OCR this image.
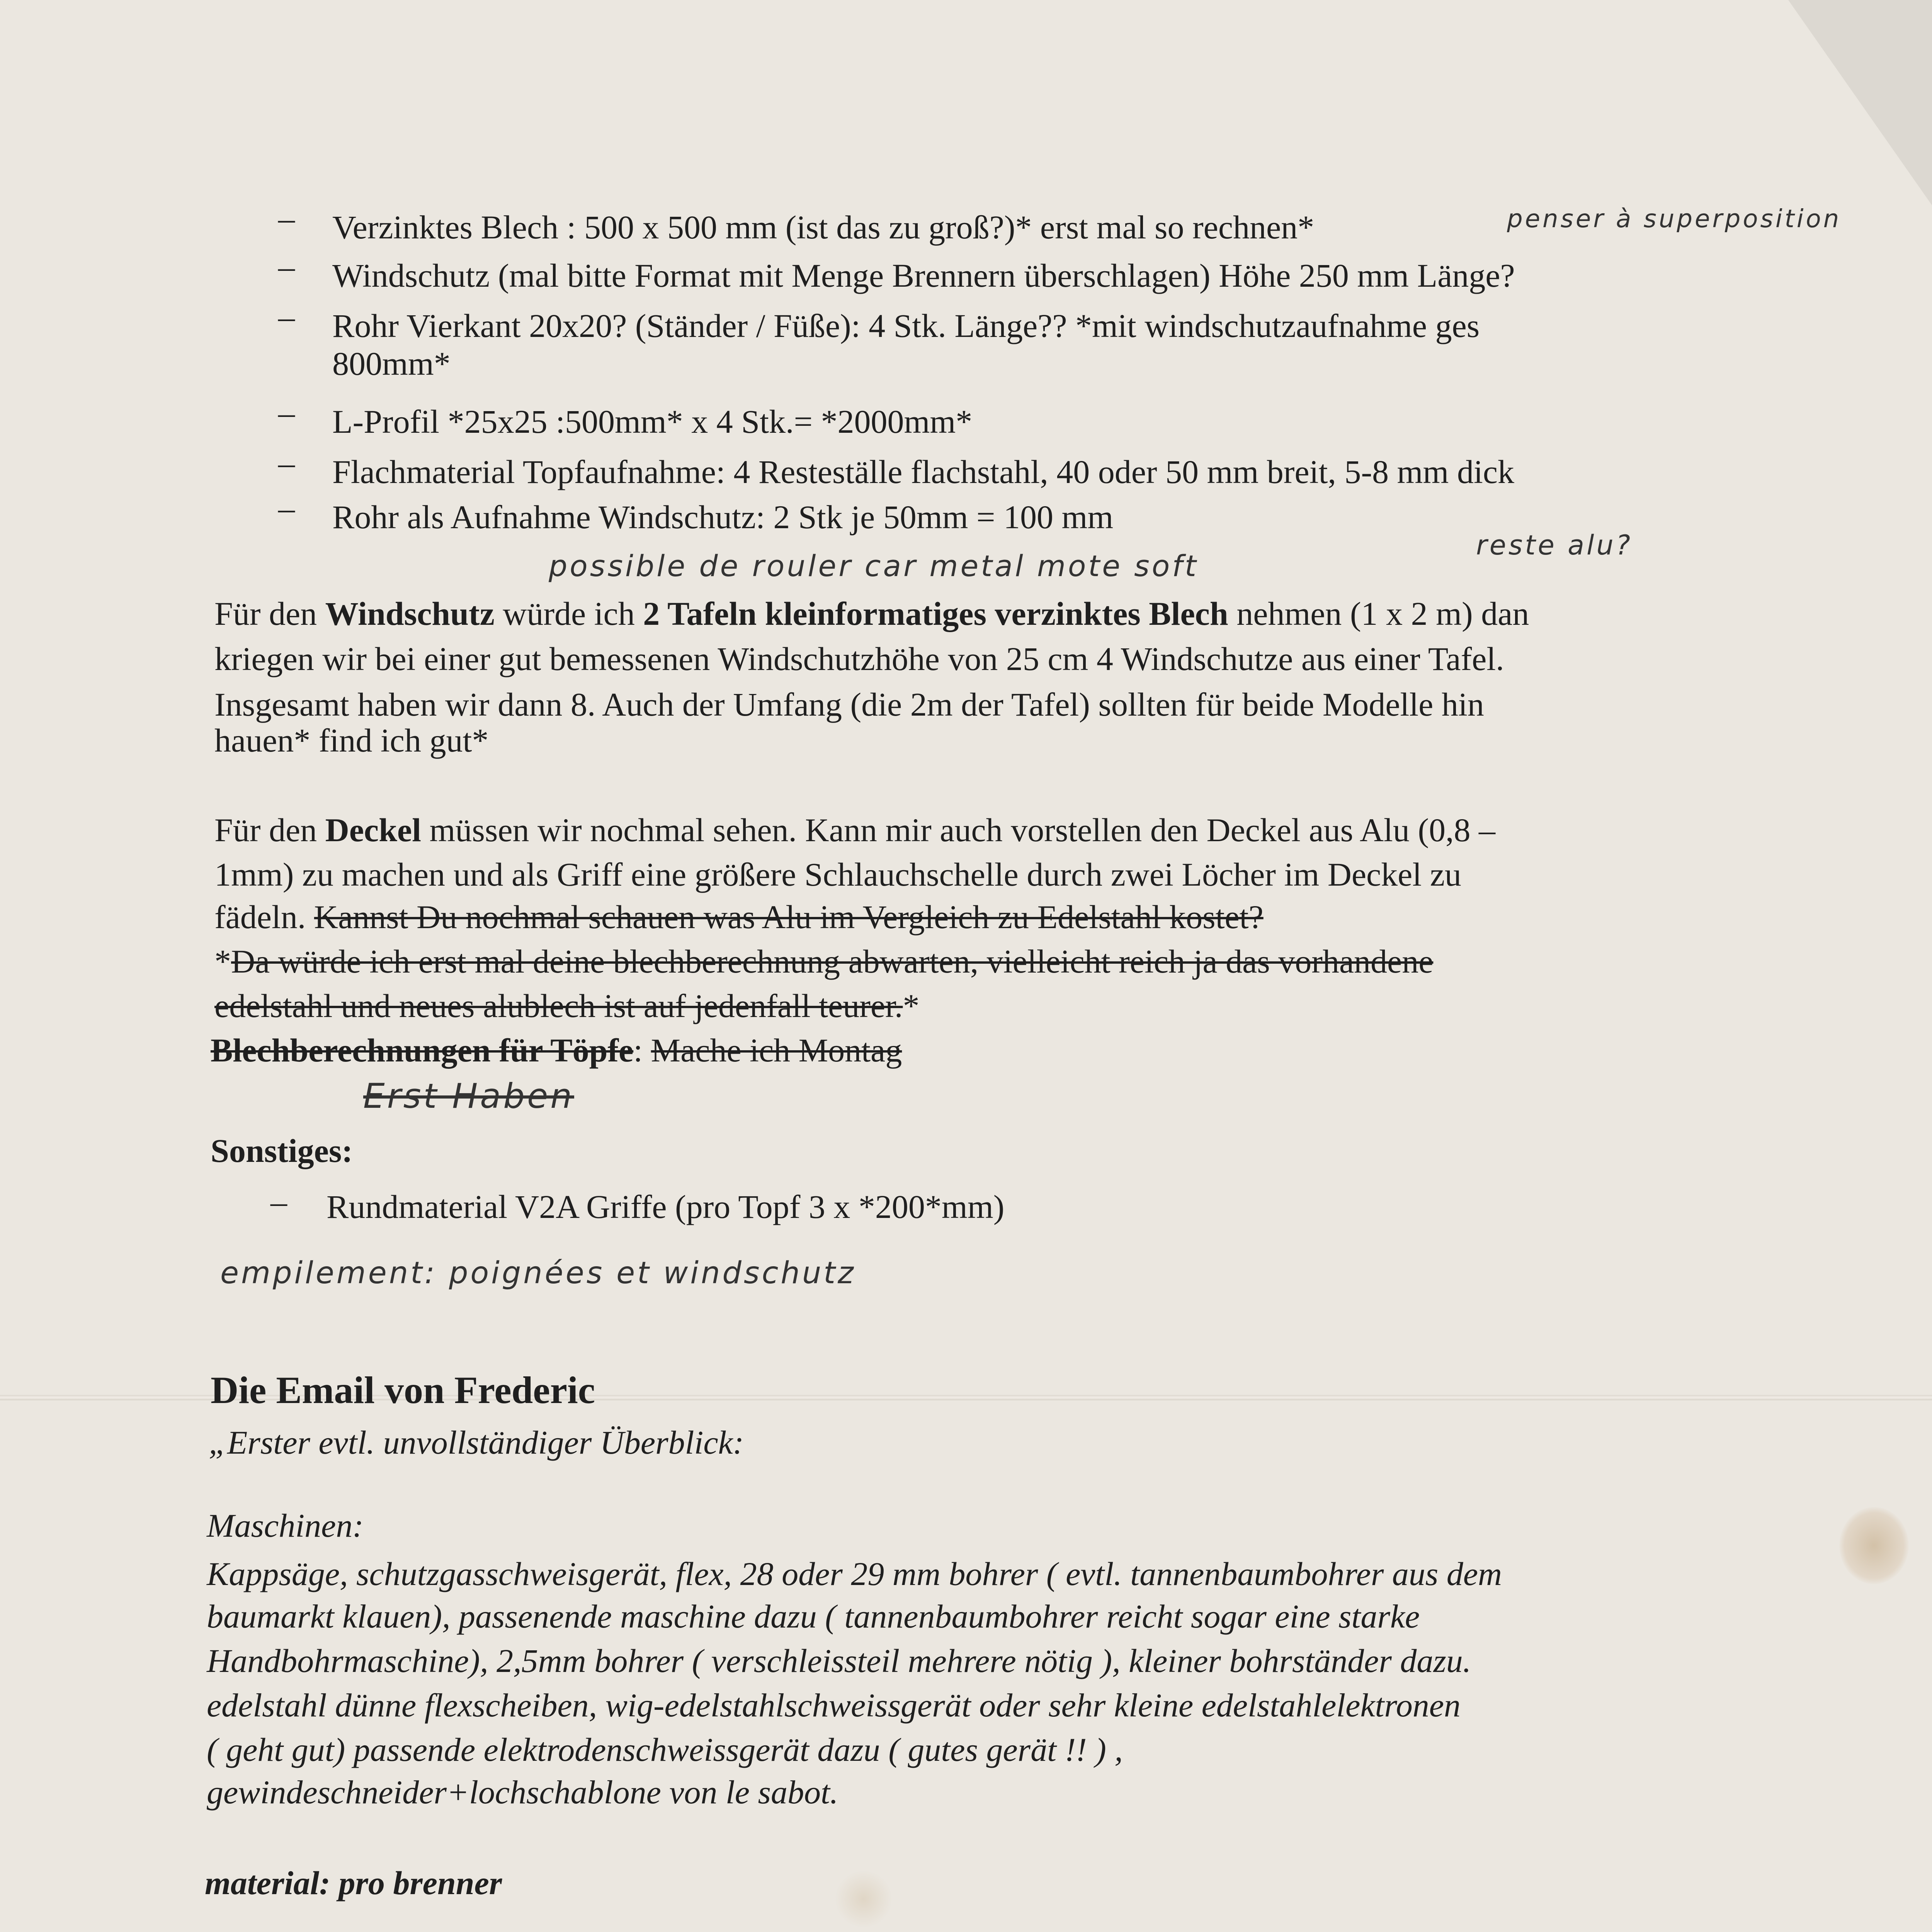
– Verzinktes Blech : 500 x 500 mm (ist das zu groß?)* erst mal so rechnen*
– Windschutz (mal bitte Format mit Menge Brennern überschlagen) Höhe 250 mm Länge?
– Rohr Vierkant 20x20? (Ständer / Füße): 4 Stk. Länge?? *mit windschutzaufnahme ges
800mm*
– L-Profil *25x25 :500mm* x 4 Stk.= *2000mm*
– Flachmaterial Topfaufnahme: 4 Resteställe flachstahl, 40 oder 50 mm breit, 5-8 mm dick
– Rohr als Aufnahme Windschutz: 2 Stk je 50mm = 100 mm
penser à superposition
reste alu?
possible de rouler car metal mote soft
Für den Windschutz würde ich 2 Tafeln kleinformatiges verzinktes Blech nehmen (1 x 2 m) dan
kriegen wir bei einer gut bemessenen Windschutzhöhe von 25 cm 4 Windschutze aus einer Tafel.
Insgesamt haben wir dann 8. Auch der Umfang (die 2m der Tafel) sollten für beide Modelle hin
hauen* find ich gut*
Für den Deckel müssen wir nochmal sehen. Kann mir auch vorstellen den Deckel aus Alu (0,8 –
1mm) zu machen und als Griff eine größere Schlauchschelle durch zwei Löcher im Deckel zu
fädeln. Kannst Du nochmal schauen was Alu im Vergleich zu Edelstahl kostet?
*Da würde ich erst mal deine blechberechnung abwarten, vielleicht reich ja das vorhandene
edelstahl und neues alublech ist auf jedenfall teurer.*
Blechberechnungen für Töpfe: Mache ich Montag
Erst Haben
Sonstiges:
– Rundmaterial V2A Griffe (pro Topf 3 x *200*mm)
empilement: poignées et windschutz
Die Email von Frederic
„Erster evtl. unvollständiger Überblick:
Maschinen:
Kappsäge, schutzgasschweisgerät, flex, 28 oder 29 mm bohrer ( evtl. tannenbaumbohrer aus dem
baumarkt klauen), passenende maschine dazu ( tannenbaumbohrer reicht sogar eine starke
Handbohrmaschine), 2,5mm bohrer ( verschleissteil mehrere nötig ), kleiner bohrständer dazu.
edelstahl dünne flexscheiben, wig-edelstahlschweissgerät oder sehr kleine edelstahlelektronen
( geht gut) passende elektrodenschweissgerät dazu ( gutes gerät !! ) ,
gewindeschneider+lochschablone von le sabot.
material: pro brenner
